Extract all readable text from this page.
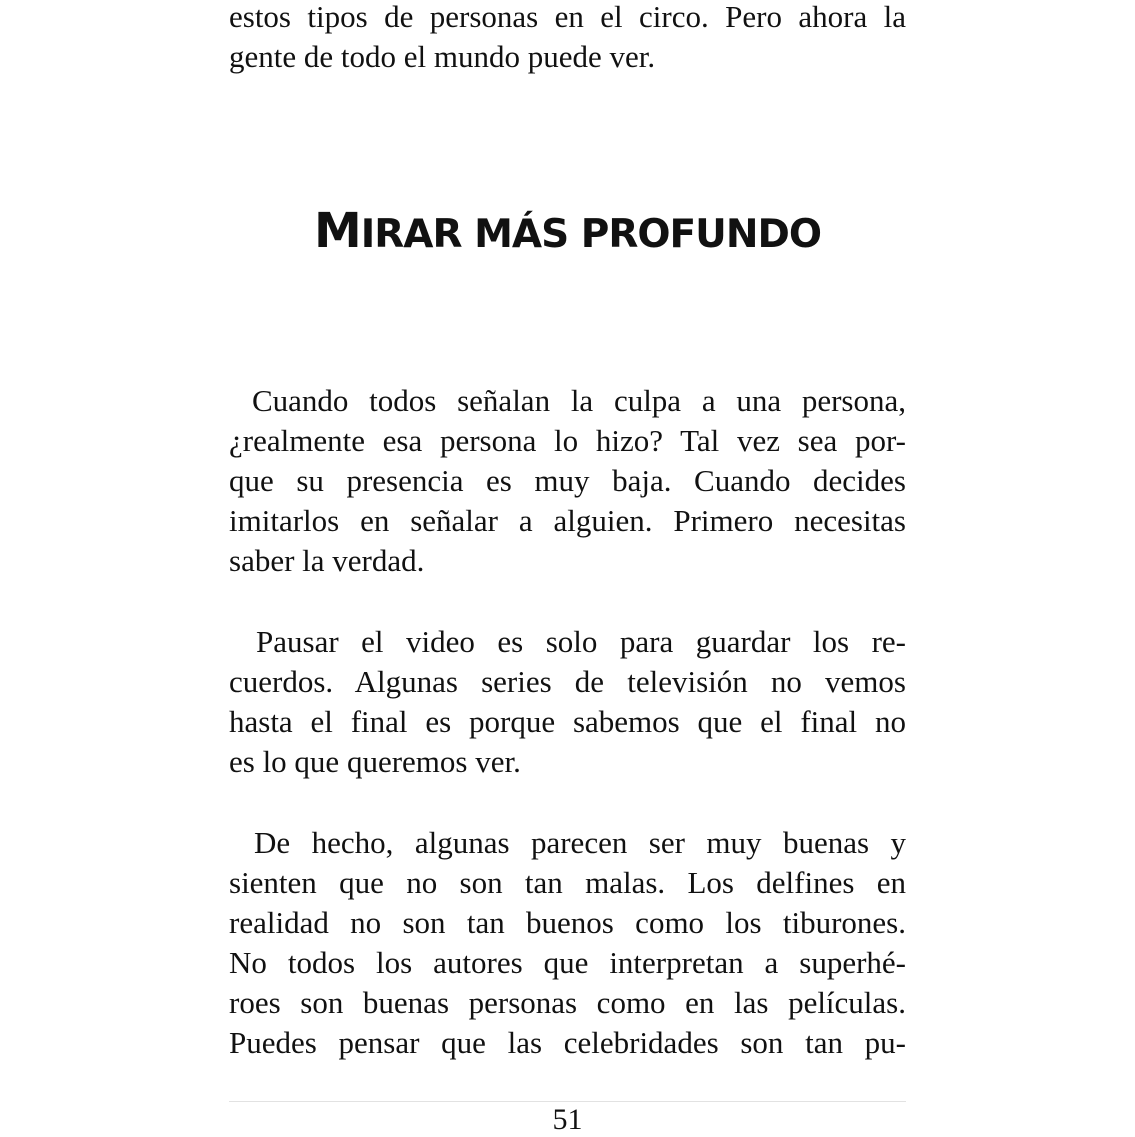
estos tipos de personas en el circo. Pero ahora la
gente de todo el mundo puede ver.
MIRAR MÁS PROFUNDO
Cuando todos señalan la culpa a una persona,
¿realmente esa persona lo hizo? Tal vez sea por-
que su presencia es muy baja. Cuando decides
imitarlos en señalar a alguien. Primero necesitas
saber la verdad.
Pausar el video es solo para guardar los re-
cuerdos. Algunas series de televisión no vemos
hasta el final es porque sabemos que el final no
es lo que queremos ver.
De hecho, algunas parecen ser muy buenas y
sienten que no son tan malas. Los delfines en
realidad no son tan buenos como los tiburones.
No todos los autores que interpretan a superhé-
roes son buenas personas como en las películas.
Puedes pensar que las celebridades son tan pu-
51
